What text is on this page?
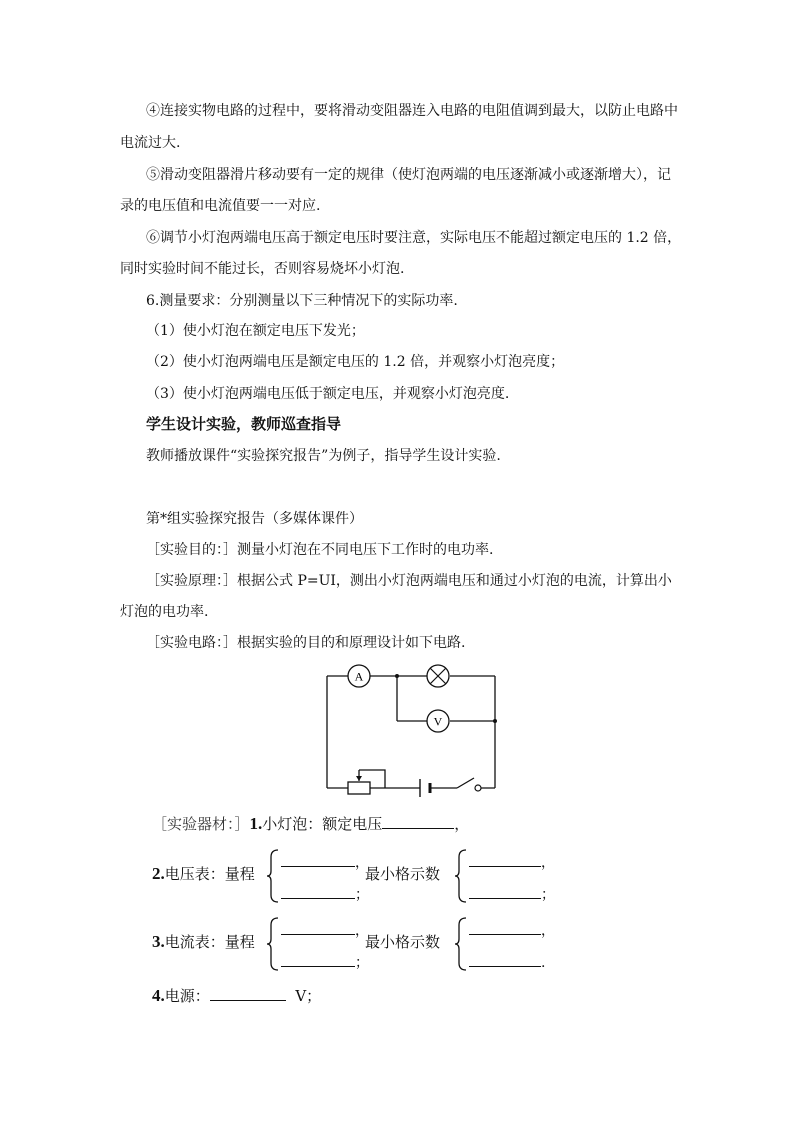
④连接实物电路的过程中，要将滑动变阻器连入电路的电阻值调到最大，以防止电路中
电流过大.
⑤滑动变阻器滑片移动要有一定的规律（使灯泡两端的电压逐渐减小或逐渐增大），记
录的电压值和电流值要一一对应.
⑥调节小灯泡两端电压高于额定电压时要注意，实际电压不能超过额定电压的 1.2 倍，
同时实验时间不能过长，否则容易烧坏小灯泡.
6.测量要求：分别测量以下三种情况下的实际功率.
（1）使小灯泡在额定电压下发光；
（2）使小灯泡两端电压是额定电压的 1.2 倍，并观察小灯泡亮度；
（3）使小灯泡两端电压低于额定电压，并观察小灯泡亮度.
学生设计实验，教师巡查指导
教师播放课件“实验探究报告”为例子，指导学生设计实验.
第*组实验探究报告（多媒体课件）
［实验目的：］测量小灯泡在不同电压下工作时的电功率.
［实验原理：］根据公式 P=UI，测出小灯泡两端电压和通过小灯泡的电流，计算出小
灯泡的电功率.
［实验电路：］根据实验的目的和原理设计如下电路.
A
V
［实验器材：］1.小灯泡：额定电压	，
2.电压表：量程	最小格示数
，
；
，
；
3.电流表：量程	最小格示数
，
；
，
.
4.电源：	V；
